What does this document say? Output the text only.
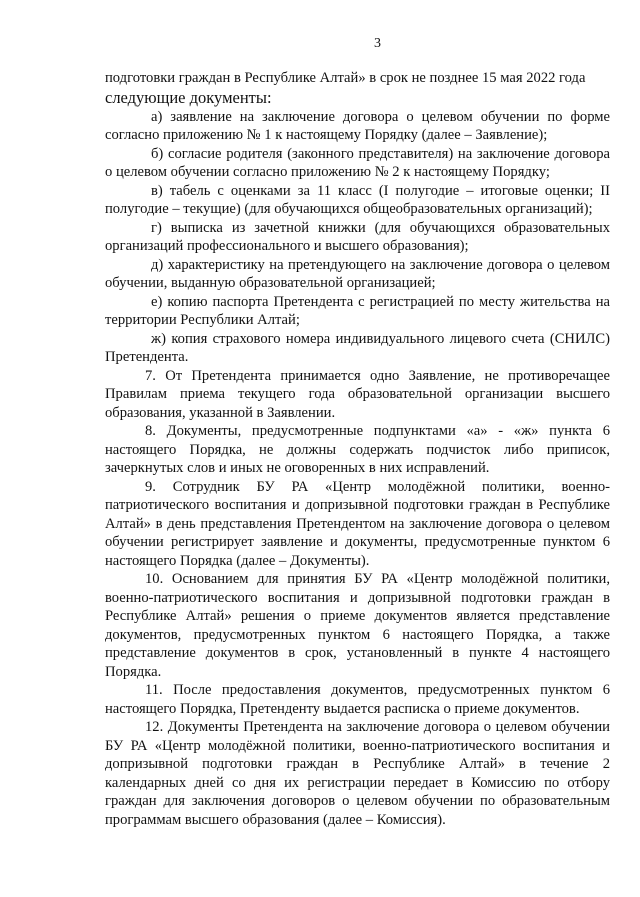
3

подготовки граждан в Республике Алтай» в срок не позднее 15 мая 2022 года

следующие документы:

а) заявление на заключение договора о целевом обучении по форме согласно приложению № 1 к настоящему Порядку (далее – Заявление);

б) согласие родителя (законного представителя) на заключение договора о целевом обучении согласно приложению № 2 к настоящему Порядку;

в) табель с оценками за 11 класс (I полугодие – итоговые оценки; II полугодие – текущие) (для обучающихся общеобразовательных организаций);

г) выписка из зачетной книжки (для обучающихся образовательных организаций профессионального и высшего образования);

д) характеристику на претендующего на заключение договора о целевом обучении, выданную образовательной организацией;

е) копию паспорта Претендента с регистрацией по месту жительства на территории Республики Алтай;

ж) копия страхового номера индивидуального лицевого счета (СНИЛС) Претендента.

7. От Претендента принимается одно Заявление, не противоречащее Правилам приема текущего года образовательной организации высшего образования, указанной в Заявлении.

8. Документы, предусмотренные подпунктами «а» - «ж» пункта 6 настоящего Порядка, не должны содержать подчисток либо приписок, зачеркнутых слов и иных не оговоренных в них исправлений.

9. Сотрудник БУ РА «Центр молодёжной политики, военно-патриотического воспитания и допризывной подготовки граждан в Республике Алтай» в день представления Претендентом на заключение договора о целевом обучении регистрирует заявление и документы, предусмотренные пунктом 6 настоящего Порядка (далее – Документы).

10. Основанием для принятия БУ РА «Центр молодёжной политики, военно-патриотического воспитания и допризывной подготовки граждан в Республике Алтай» решения о приеме документов является представление документов, предусмотренных пунктом 6 настоящего Порядка, а также представление документов в срок, установленный в пункте 4 настоящего Порядка.

11. После предоставления документов, предусмотренных пунктом 6 настоящего Порядка, Претенденту выдается расписка о приеме документов.

12. Документы Претендента на заключение договора о целевом обучении БУ РА «Центр молодёжной политики, военно-патриотического воспитания и допризывной подготовки граждан в Республике Алтай» в течение 2 календарных дней со дня их регистрации передает в Комиссию по отбору граждан для заключения договоров о целевом обучении по образовательным программам высшего образования (далее – Комиссия).
